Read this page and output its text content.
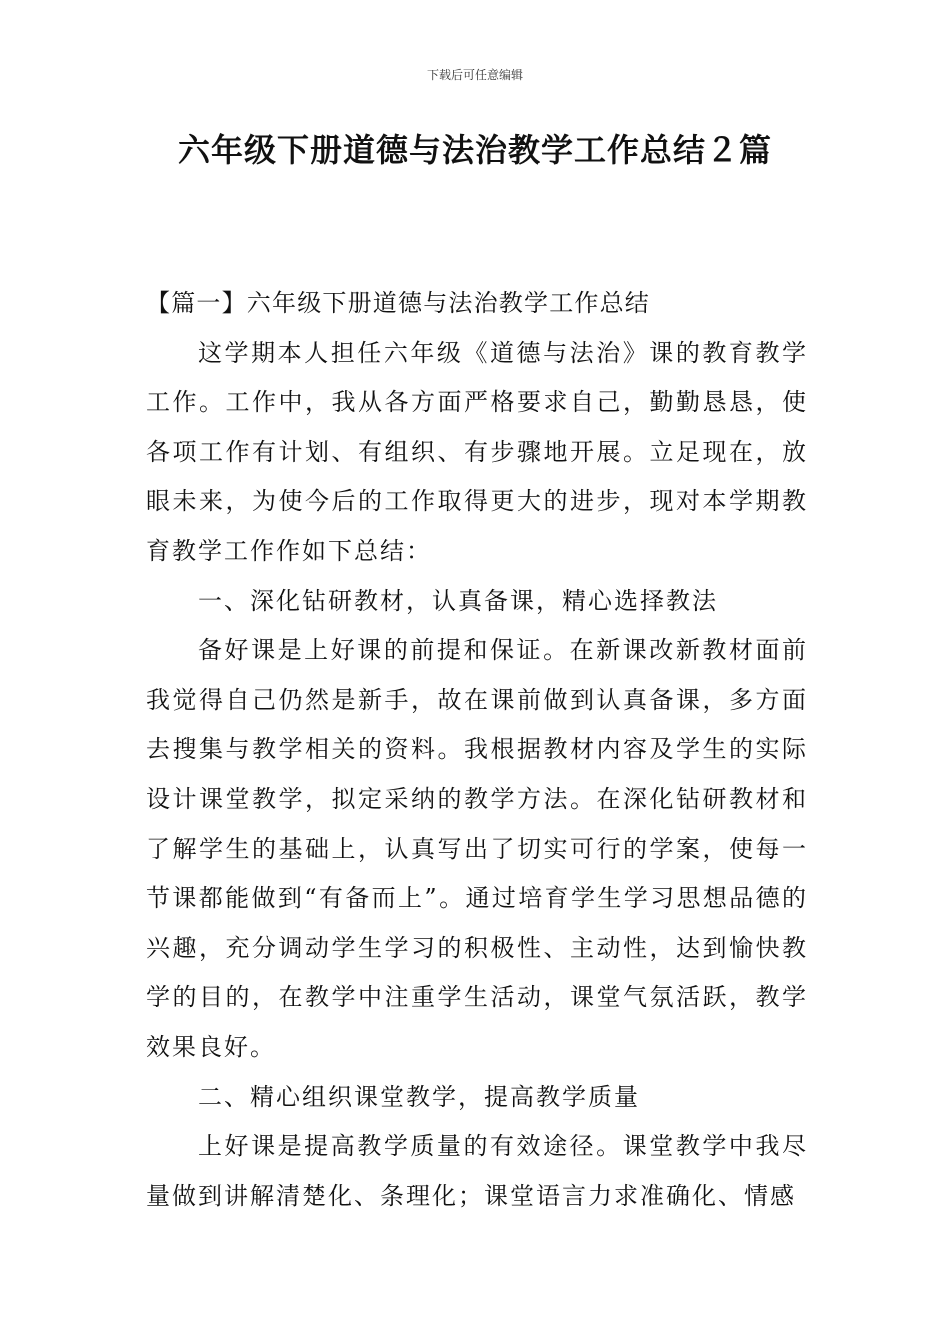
下载后可任意编辑
六年级下册道德与法治教学工作总结２篇

【篇一】六年级下册道德与法治教学工作总结

这学期本人担任六年级《道德与法治》课的教育教学工作。工作中，我从各方面严格要求自己，勤勤恳恳，使各项工作有计划、有组织、有步骤地开展。立足现在，放眼未来，为使今后的工作取得更大的进步，现对本学期教育教学工作作如下总结：

一、深化钻研教材，认真备课，精心选择教法

备好课是上好课的前提和保证。在新课改新教材面前我觉得自己仍然是新手，故在课前做到认真备课，多方面去搜集与教学相关的资料。我根据教材内容及学生的实际设计课堂教学，拟定采纳的教学方法。在深化钻研教材和了解学生的基础上，认真写出了切实可行的学案，使每一节课都能做到“有备而上”。通过培育学生学习思想品德的兴趣，充分调动学生学习的积极性、主动性，达到愉快教学的目的，在教学中注重学生活动，课堂气氛活跃，教学效果良好。

二、精心组织课堂教学，提高教学质量

上好课是提高教学质量的有效途径。课堂教学中我尽量做到讲解清楚化、条理化；课堂语言力求准确化、情感
